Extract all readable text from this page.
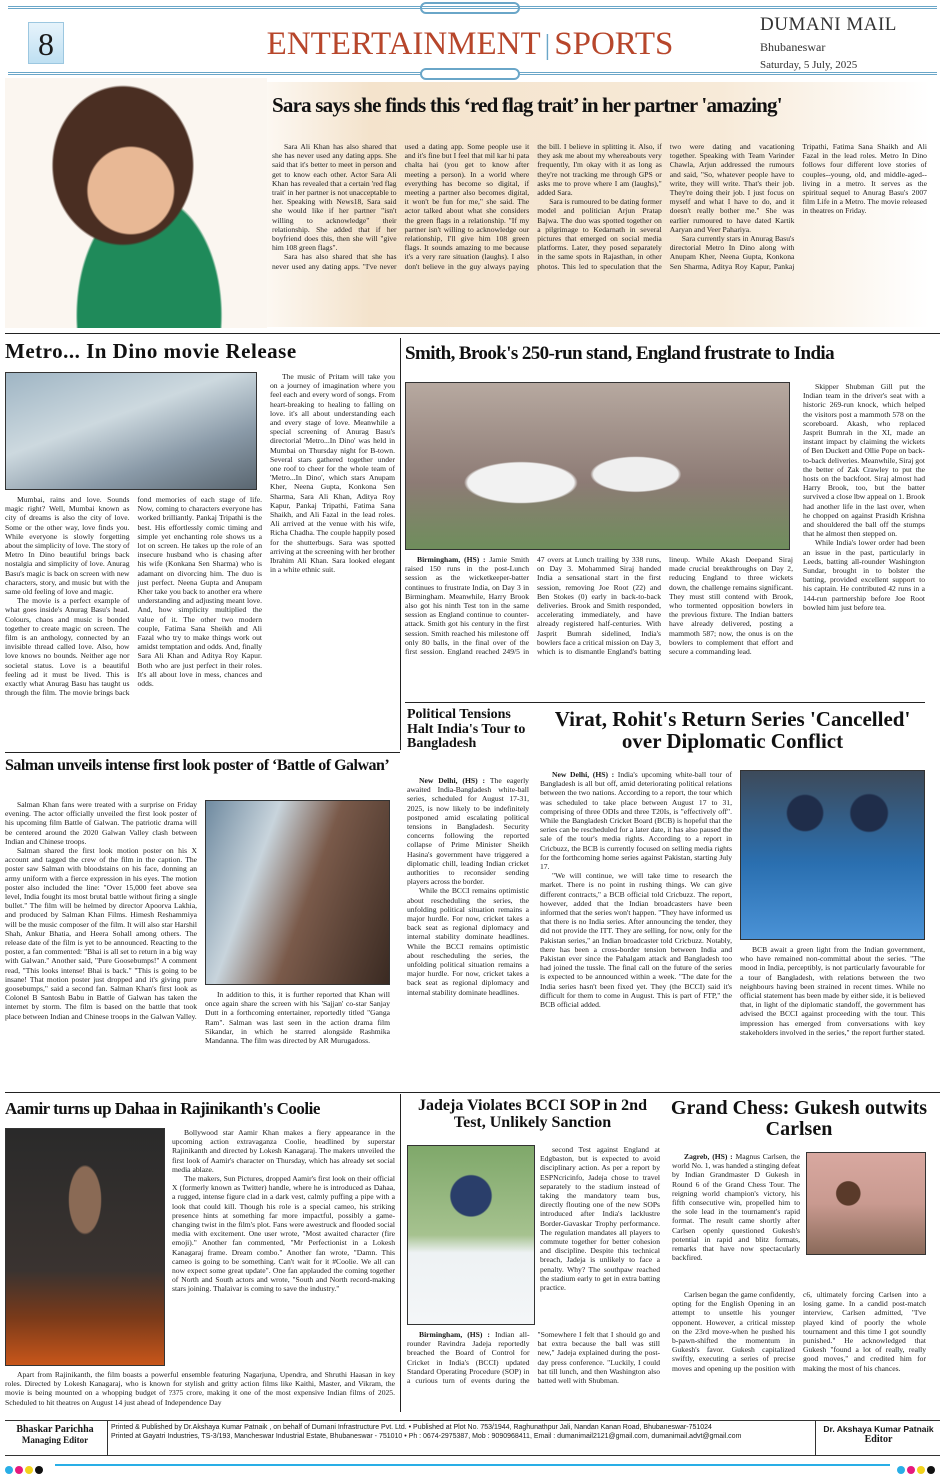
8	ENTERTAINMENT | SPORTS
DUMANI MAIL
Bhubaneswar
Saturday, 5 July, 2025
Sara says she finds this ‘red flag trait’ in her partner 'amazing'

Sara Ali Khan has also shared that she has never used any dating apps. She said that it's better to meet in person and get to know each other. Actor Sara Ali Khan has revealed that a certain 'red flag trait' in her partner is not unacceptable to her. Speaking with News18, Sara said she would like if her partner "isn't willing to acknowledge" their relationship. She added that if her boyfriend does this, then she will "give him 108 green flags".

Sara has also shared that she has never used any dating apps. "I've never used a dating app. Some people use it and it's fine but I feel that mil kar hi pata chalta hai (you get to know after meeting a person). In a world where everything has become so digital, if meeting a partner also becomes digital, it won't be fun for me," she said. The actor talked about what she considers the green flags in a relationship. "If my partner isn't willing to acknowledge our relationship, I'll give him 108 green flags. It sounds amazing to me because it's a very rare situation (laughs). I also don't believe in the guy always paying the bill. I believe in splitting it. Also, if they ask me about my whereabouts very frequently, I'm okay with it as long as they're not tracking me through GPS or asks me to prove where I am (laughs)," added Sara.

Sara is rumoured to be dating former model and politician Arjun Pratap Bajwa. The duo was spotted together on a pilgrimage to Kedarnath in several pictures that emerged on social media platforms. Later, they posed separately in the same spots in Rajasthan, in other photos. This led to speculation that the two were dating and vacationing together. Speaking with Team Varinder Chawla, Arjun addressed the rumours and said, "So, whatever people have to write, they will write. That's their job. They're doing their job. I just focus on myself and what I have to do, and it doesn't really bother me." She was earlier rumoured to have dated Kartik Aaryan and Veer Pahariya.

Sara currently stars in Anurag Basu's directorial Metro In Dino along with Anupam Kher, Neena Gupta, Konkona Sen Sharma, Aditya Roy Kapur, Pankaj Tripathi, Fatima Sana Shaikh and Ali Fazal in the lead roles. Metro In Dino follows four different love stories of couples--young, old, and middle-aged--living in a metro. It serves as the spiritual sequel to Anurag Basu's 2007 film Life in a Metro. The movie released in theatres on Friday.

Metro... In Dino movie Release

Mumbai, rains and love. Sounds magic right? Well, Mumbai known as city of dreams is also the city of love. Some or the other way, love finds you. While everyone is slowly forgetting about the simplicity of love. The story of Metro In Dino beautiful brings back nostalgia and simplicity of love. Anurag Basu's magic is back on screen with new characters, story, and music but with the same old feeling of love and magic.

The movie is a perfect example of what goes inside's Anurag Basu's head. Colours, chaos and music is bonded together to create magic on screen. The film is an anthology, connected by an invisible thread called love. Also, how love knows no bounds. Neither age nor societal status. Love is a beautiful feeling ad it must be lived. This is exactly what Anurag Basu has taught us through the film. The movie brings back fond memories of each stage of life. Now, coming to characters everyone has worked brilliantly. Pankaj Tripathi is the best. His effortlessly comic timing and simple yet enchanting role shows us a lot on screen. He takes up the role of an insecure husband who is chasing after his wife (Konkana Sen Sharma) who is adamant on divorcing him. The duo is just perfect. Neena Gupta and Anupam Kher take you back to another era where understanding and adjusting meant love. And, how simplicity multiplied the value of it. The other two modern couple, Fatima Sana Sheikh and Ali Fazal who try to make things work out amidst temptation and odds. And, finally Sara Ali Khan and Aditya Roy Kapur. Both who are just perfect in their roles. It's all about love in mess, chances and odds.

The music of Pritam will take you on a journey of imagination where you feel each and every word of songs. From heart-breaking to healing to falling on love. it's all about understanding each and every stage of love. Meanwhile a special screening of Anurag Basu's directorial 'Metro...In Dino' was held in Mumbai on Thursday night for B-town. Several stars gathered together under one roof to cheer for the whole team of 'Metro...In Dino', which stars Anupam Kher, Neena Gupta, Konkona Sen Sharma, Sara Ali Khan, Aditya Roy Kapur, Pankaj Tripathi, Fatima Sana Shaikh, and Ali Fazal in the lead roles. Ali arrived at the venue with his wife, Richa Chadha. The couple happily posed for the shutterbugs. Sara was spotted arriving at the screening with her brother Ibrahim Ali Khan. Sara looked elegant in a white ethnic suit.

Smith, Brook's 250-run stand, England frustrate to India

Birmingham, (HS) : Jamie Smith raised 150 runs in the post-Lunch session as the wicketkeeper-batter continues to frustrate India, on Day 3 in Birmingham. Meanwhile, Harry Brook also got his ninth Test ton in the same session as England continue to counter-attack. Smith got his century in the first session. Smith reached his milestone off only 80 balls, in the final over of the first session. England reached 249/5 in 47 overs at Lunch trailing by 338 runs, on Day 3. Mohammed Siraj handed India a sensational start in the first session, removing Joe Root (22) and Ben Stokes (0) early in back-to-back deliveries. Brook and Smith responded, accelerating immediately, and have already registered half-centuries. With Jasprit Bumrah sidelined, India's bowlers face a critical mission on Day 3, which is to dismantle England's batting lineup. While Akash Deepand Siraj made crucial breakthroughs on Day 2, reducing England to three wickets down, the challenge remains significant. They must still contend with Brook, who tormented opposition bowlers in the previous fixture. The Indian batters have already delivered, posting a mammoth 587; now, the onus is on the bowlers to complement that effort and secure a commanding lead.

Skipper Shubman Gill put the Indian team in the driver's seat with a historic 269-run knock, which helped the visitors post a mammoth 578 on the scoreboard. Akash, who replaced Jasprit Bumrah in the XI, made an instant impact by claiming the wickets of Ben Duckett and Ollie Pope on back-to-back deliveries. Meanwhile, Siraj got the better of Zak Crawley to put the hosts on the backfoot. Siraj almost had Harry Brook, too, but the batter survived a close lbw appeal on 1. Brook had another life in the last over, when he chopped on against Prasidh Krishna and shouldered the ball off the stumps that he almost then stepped on.

While India's lower order had been an issue in the past, particularly in Leeds, batting all-rounder Washington Sundar, brought in to bolster the batting, provided excellent support to his captain. He contributed 42 runs in a 144-run partnership before Joe Root bowled him just before tea.

Political Tensions Halt India's Tour to Bangladesh

New Delhi, (HS) : The eagerly awaited India-Bangladesh white-ball series, scheduled for August 17-31, 2025, is now likely to be indefinitely postponed amid escalating political tensions in Bangladesh. Security concerns following the reported collapse of Prime Minister Sheikh Hasina's government have triggered a diplomatic chill, leading Indian cricket authorities to reconsider sending players across the border.

While the BCCI remains optimistic about rescheduling the series, the unfolding political situation remains a major hurdle. For now, cricket takes a back seat as regional diplomacy and internal stability dominate headlines. While the BCCI remains optimistic about rescheduling the series, the unfolding political situation remains a major hurdle. For now, cricket takes a back seat as regional diplomacy and internal stability dominate headlines.

Virat, Rohit's Return Series 'Cancelled' over Diplomatic Conflict

New Delhi, (HS) : India's upcoming white-ball tour of Bangladesh is all but off, amid deteriorating political relations between the two nations. According to a report, the tour which was scheduled to take place between August 17 to 31, comprising of three ODIs and three T20Is, is "effectively off". While the Bangladesh Cricket Board (BCB) is hopeful that the series can be rescheduled for a later date, it has also paused the sale of the tour's media rights. According to a report in Cricbuzz, the BCB is currently focused on selling media rights for the forthcoming home series against Pakistan, starting July 17.

"We will continue, we will take time to research the market. There is no point in rushing things. We can give different contracts," a BCB official told Cricbuzz. The report, however, added that the Indian broadcasters have been informed that the series won't happen. "They have informed us that there is no India series. After announcing the tender, they did not provide the ITT. They are selling, for now, only for the Pakistan series," an Indian broadcaster told Cricbuzz. Notably, there has been a cross-border tension between India and Pakistan ever since the Pahalgam attack and Bangladesh too had joined the tussle. The final call on the future of the series is expected to be announced within a week. "The date for the India series hasn't been fixed yet. They (the BCCI) said it's difficult for them to come in August. This is part of FTP," the BCB official added.

BCB await a green light from the Indian government, who have remained non-committal about the series. "The mood in India, perceptibly, is not particularly favourable for a tour of Bangladesh, with relations between the two neighbours having been strained in recent times. While no official statement has been made by either side, it is believed that, in light of the diplomatic standoff, the government has advised the BCCI against proceeding with the tour. This impression has emerged from conversations with key stakeholders involved in the series," the report further stated.

Salman unveils intense first look poster of ‘Battle of Galwan’

Salman Khan fans were treated with a surprise on Friday evening. The actor officially unveiled the first look poster of his upcoming film Battle of Galwan. The patriotic drama will be centered around the 2020 Galwan Valley clash between Indian and Chinese troops.

Salman shared the first look motion poster on his X account and tagged the crew of the film in the caption. The poster saw Salman with bloodstains on his face, donning an army uniform with a fierce expression in his eyes. The motion poster also included the line: "Over 15,000 feet above sea level, India fought its most brutal battle without firing a single bullet." The film will be helmed by director Apoorva Lakhia, and produced by Salman Khan Films. Himesh Reshammiya will be the music composer of the film. It will also star Harshil Shah, Ankur Bhatia, and Heera Sohall among others. The release date of the film is yet to be announced. Reacting to the poster, a fan commented: "Bhai is all set to return in a big way with Galwan." Another said, "Pure Goosebumps!" A comment read, "This looks intense! Bhai is back." "This is going to be insane! That motion poster just dropped and it's giving pure goosebumps," said a second fan. Salman Khan's first look as Colonel B Santosh Babu in Battle of Galwan has taken the internet by storm. The film is based on the battle that took place between Indian and Chinese troops in the Galwan Valley.

In addition to this, it is further reported that Khan will once again share the screen with his 'Sajjan' co-star Sanjay Dutt in a forthcoming entertainer, reportedly titled "Ganga Ram". Salman was last seen in the action drama film Sikandar, in which he starred alongside Rashmika Mandanna. The film was directed by AR Murugadoss.

Aamir turns up Dahaa in Rajinikanth's Coolie

Bollywood star Aamir Khan makes a fiery appearance in the upcoming action extravaganza Coolie, headlined by superstar Rajinikanth and directed by Lokesh Kanagaraj. The makers unveiled the first look of Aamir's character on Thursday, which has already set social media ablaze.

The makers, Sun Pictures, dropped Aamir's first look on their official X (formerly known as Twitter) handle, where he is introduced as Dahaa, a rugged, intense figure clad in a dark vest, calmly puffing a pipe with a look that could kill. Though his role is a special cameo, his striking presence hints at something far more impactful, possibly a game-changing twist in the film's plot. Fans were awestruck and flooded social media with excitement. One user wrote, "Most awaited character (fire emoji)." Another fan commented, "Mr Perfectionist in a Lokesh Kanagaraj frame. Dream combo." Another fan wrote, "Damn. This cameo is going to be something. Can't wait for it #Coolie. We all can now expect some great update". One fan applauded the coming together of North and South actors and wrote, "South and North record-making stars joining. Thalaivar is coming to save the industry."

Apart from Rajinikanth, the film boasts a powerful ensemble featuring Nagarjuna, Upendra, and Shruthi Haasan in key roles. Directed by Lokesh Kanagaraj, who is known for stylish and gritty action films like Kaithi, Master, and Vikram, the movie is being mounted on a whopping budget of ?375 crore, making it one of the most expensive Indian films of 2025. Scheduled to hit theatres on August 14 just ahead of Independence Day

Jadeja Violates BCCI SOP in 2nd Test, Unlikely Sanction

second Test against England at Edgbaston, but is expected to avoid disciplinary action. As per a report by ESPNcricinfo, Jadeja chose to travel separately to the stadium instead of taking the mandatory team bus, directly flouting one of the new SOPs introduced after India's lacklustre Border-Gavaskar Trophy performance. The regulation mandates all players to commute together for better cohesion and discipline. Despite this technical breach, Jadeja is unlikely to face a penalty. Why? The southpaw reached the stadium early to get in extra batting practice.

Birmingham, (HS) : Indian all-rounder Ravindra Jadeja reportedly breached the Board of Control for Cricket in India's (BCCI) updated Standard Operating Procedure (SOP) in a curious turn of events during the "Somewhere I felt that I should go and bat extra because the ball was still new," Jadeja explained during the post-day press conference. "Luckily, I could bat till lunch, and then Washington also batted well with Shubman.

Grand Chess: Gukesh outwits Carlsen

Zagreb, (HS) : Magnus Carlsen, the world No. 1, was handed a stinging defeat by Indian Grandmaster D Gukesh in Round 6 of the Grand Chess Tour. The reigning world champion's victory, his fifth consecutive win, propelled him to the sole lead in the tournament's rapid format. The result came shortly after Carlsen openly questioned Gukesh's potential in rapid and blitz formats, remarks that have now spectacularly backfired.

Carlsen began the game confidently, opting for the English Opening in an attempt to unsettle his younger opponent. However, a critical misstep on the 23rd move-when he pushed his b-pawn-shifted the momentum in Gukesh's favor. Gukesh capitalized swiftly, executing a series of precise moves and opening up the position with c6, ultimately forcing Carlsen into a losing game. In a candid post-match interview, Carlsen admitted, "I've played kind of poorly the whole tournament and this time I got soundly punished." He acknowledged that Gukesh "found a lot of really, really good moves," and credited him for making the most of his chances.

Bhaskar Parichha
Managing Editor
Printed & Published by Dr.Akshaya Kumar Patnaik , on behalf of Dumani Infrastructure Pvt. Ltd. • Published at Plot No. 753/1944, Raghunathpur Jali, Nandan Kanan Road, Bhubaneswar-751024
Printed at Gayatri Industries, TS-3/193, Mancheswar Industrial Estate, Bhubaneswar - 751010 • Ph : 0674-2975387, Mob : 9090968411, Email : dumanimail2121@gmail.com, dumanimail.advt@gmail.com
Dr. Akshaya Kumar Patnaik
Editor
